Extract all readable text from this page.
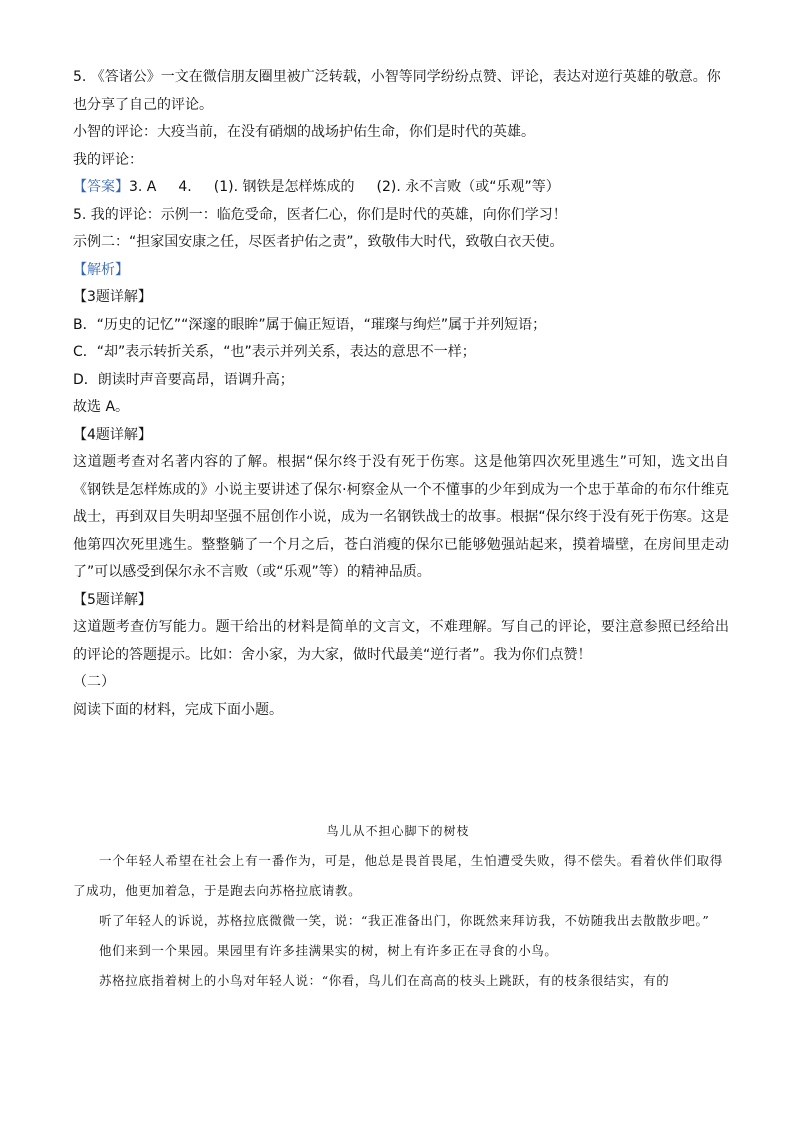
5. 《答诸公》一文在微信朋友圈里被广泛转载，小智等同学纷纷点赞、评论，表达对逆行英雄的敬意。你
也分享了自己的评论。
小智的评论：大疫当前，在没有硝烟的战场护佑生命，你们是时代的英雄。
我的评论：
【答案】3. A 4. (1). 钢铁是怎样炼成的 (2). 永不言败（或“乐观”等）
5. 我的评论：示例一：临危受命，医者仁心，你们是时代的英雄，向你们学习！
示例二：“担家国安康之任，尽医者护佑之责”，致敬伟大时代，致敬白衣天使。
【解析】
【3题详解】
B．“历史的记忆”“深邃的眼眸”属于偏正短语，“璀璨与绚烂”属于并列短语；
C．“却”表示转折关系，“也”表示并列关系，表达的意思不一样；
D．朗读时声音要高昂，语调升高；
故选 A。
【4题详解】
这道题考查对名著内容的了解。根据“保尔终于没有死于伤寒。这是他第四次死里逃生”可知，选文出自《钢铁是怎样炼成的》小说主要讲述了保尔·柯察金从一个不懂事的少年到成为一个忠于革命的布尔什维克战士，再到双目失明却坚强不屈创作小说，成为一名钢铁战士的故事。根据“保尔终于没有死于伤寒。这是他第四次死里逃生。整整躺了一个月之后，苍白消瘦的保尔已能够勉强站起来，摸着墙壁，在房间里走动了”可以感受到保尔永不言败（或“乐观”等）的精神品质。
【5题详解】
这道题考查仿写能力。题干给出的材料是简单的文言文，不难理解。写自己的评论，要注意参照已经给出的评论的答题提示。比如：舍小家，为大家，做时代最美“逆行者”。我为你们点赞！
（二）
阅读下面的材料，完成下面小题。
鸟儿从不担心脚下的树枝

一个年轻人希望在社会上有一番作为，可是，他总是畏首畏尾，生怕遭受失败，得不偿失。看着伙伴们取得了成功，他更加着急，于是跑去向苏格拉底请教。

听了年轻人的诉说，苏格拉底微微一笑，说：“我正准备出门，你既然来拜访我，不妨随我出去散散步吧。”

他们来到一个果园。果园里有许多挂满果实的树，树上有许多正在寻食的小鸟。

苏格拉底指着树上的小鸟对年轻人说：“你看，鸟儿们在高高的枝头上跳跃，有的枝条很结实，有的
